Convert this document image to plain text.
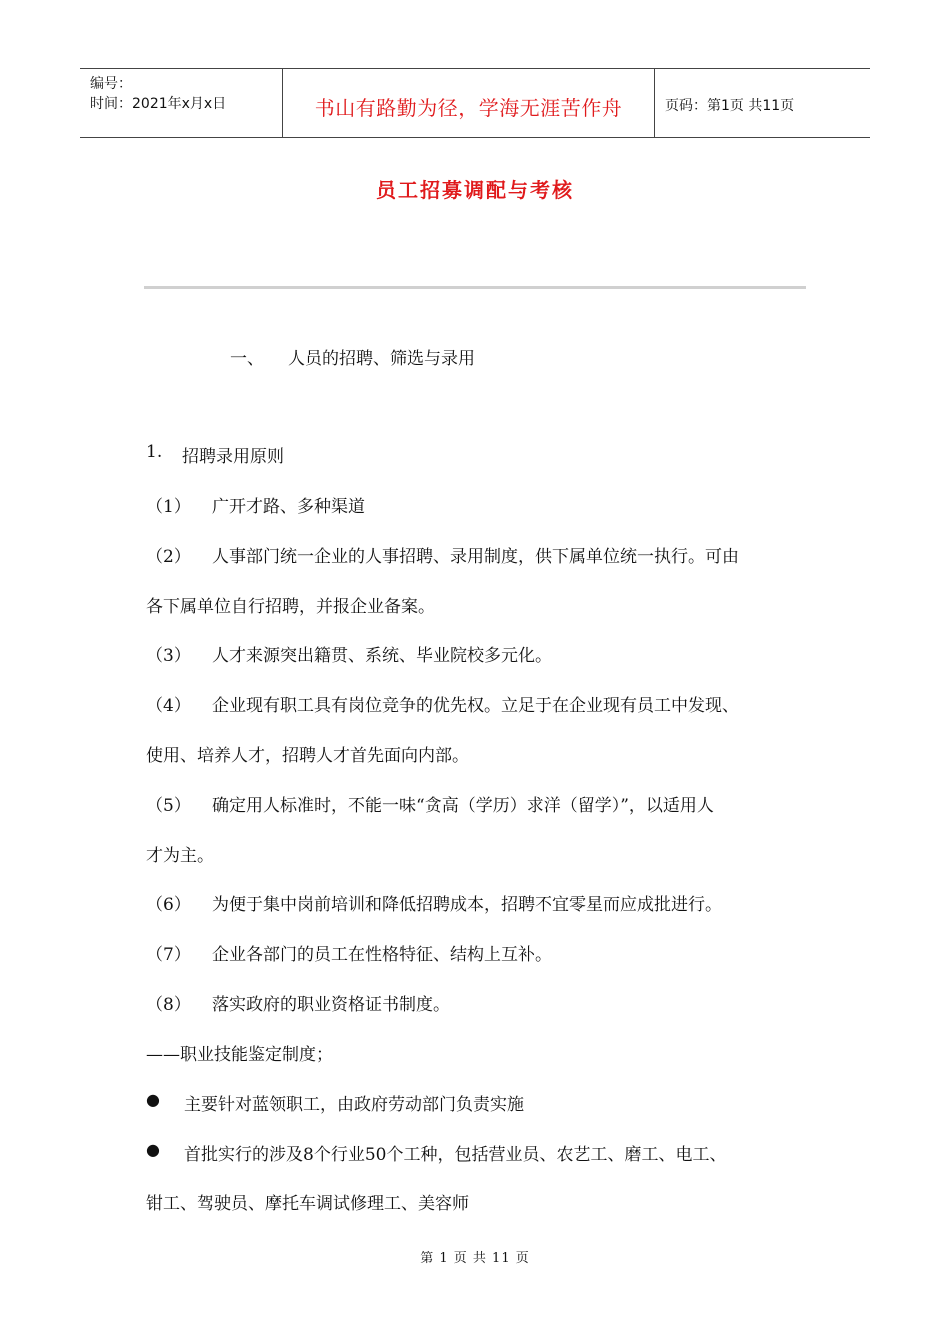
编号：
时间：2021年x月x日	书山有路勤为径，学海无涯苦作舟	页码：第1页 共11页
员工招募调配与考核
一、 人员的招聘、筛选与录用
1. 招聘录用原则
（1） 广开才路、多种渠道
（2） 人事部门统一企业的人事招聘、录用制度，供下属单位统一执行。可由
各下属单位自行招聘，并报企业备案。
（3） 人才来源突出籍贯、系统、毕业院校多元化。
（4） 企业现有职工具有岗位竞争的优先权。立足于在企业现有员工中发现、
使用、培养人才，招聘人才首先面向内部。
（5） 确定用人标准时，不能一味“贪高（学历）求洋（留学）”，以适用人
才为主。
（6） 为便于集中岗前培训和降低招聘成本，招聘不宜零星而应成批进行。
（7） 企业各部门的员工在性格特征、结构上互补。
（8） 落实政府的职业资格证书制度。
——职业技能鉴定制度；
● 主要针对蓝领职工，由政府劳动部门负责实施
● 首批实行的涉及8个行业50个工种，包括营业员、农艺工、磨工、电工、
钳工、驾驶员、摩托车调试修理工、美容师
第 1 页 共 11 页
